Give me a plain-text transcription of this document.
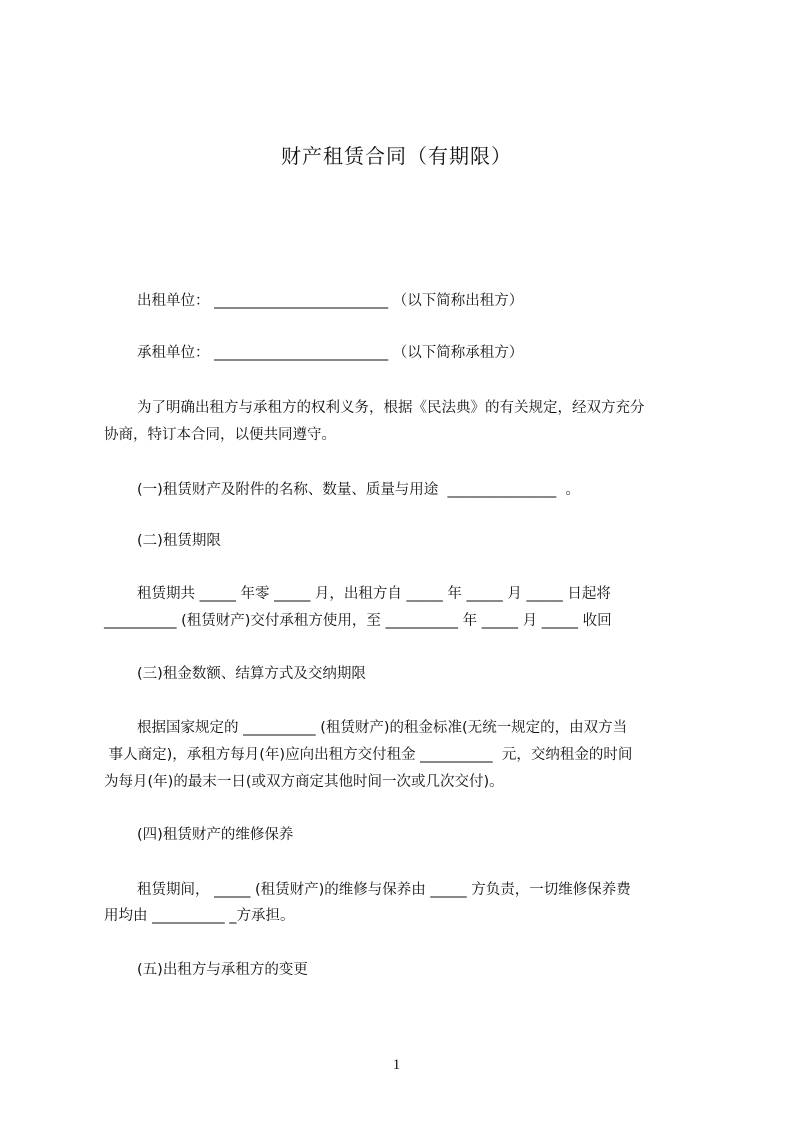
财产租赁合同（有期限）
出租单位： ________________________ （以下简称出租方）
承租单位： ________________________ （以下简称承租方）
为了明确出租方与承租方的权利义务，根据《民法典》的有关规定，经双方充分
协商，特订本合同，以便共同遵守。
(一)租赁财产及附件的名称、数量、质量与用途 _______________ 。
(二)租赁期限
租赁期共 _____ 年零 _____ 月，出租方自 _____ 年 _____ 月 _____ 日起将
__________ (租赁财产)交付承租方使用，至 __________ 年 _____ 月 _____ 收回
(三)租金数额、结算方式及交纳期限
根据国家规定的 __________ (租赁财产)的租金标准(无统一规定的，由双方当
事人商定)，承租方每月(年)应向出租方交付租金 __________  元，交纳租金的时间
为每月(年)的最末一日(或双方商定其他时间一次或几次交付)。
(四)租赁财产的维修保养
租赁期间， _____ (租赁财产)的维修与保养由 _____ 方负责，一切维修保养费
用均由 __________ _方承担。
(五)出租方与承租方的变更
1
